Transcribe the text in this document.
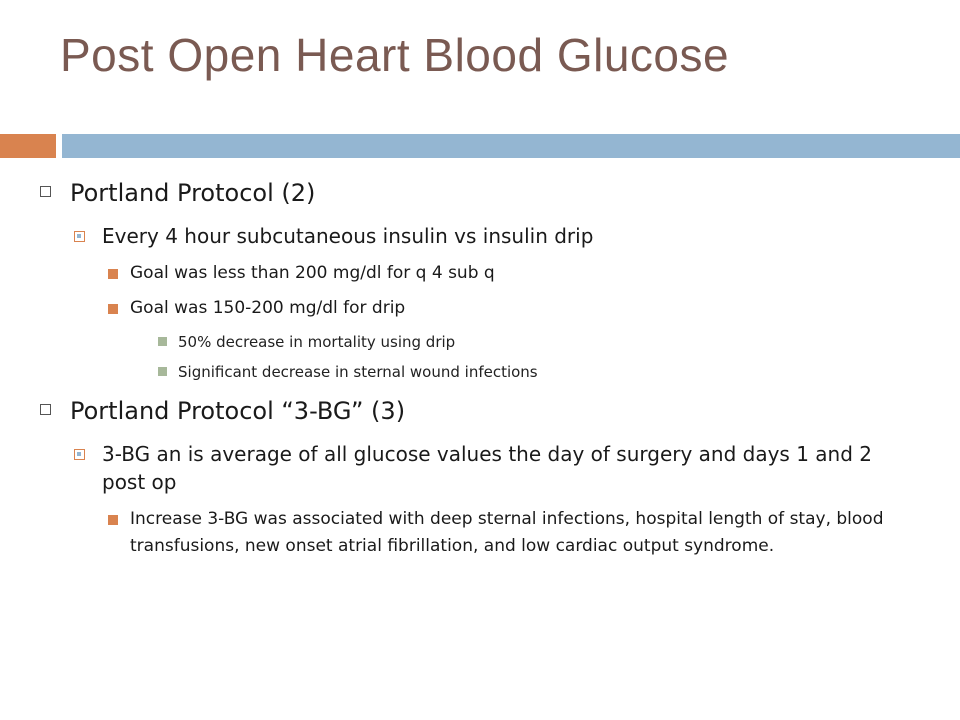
Post Open Heart Blood Glucose
Portland Protocol (2)
Every 4 hour subcutaneous insulin vs insulin drip
Goal was less than 200 mg/dl for q 4 sub q
Goal was 150-200 mg/dl for drip
50% decrease in mortality using drip
Significant decrease in sternal wound infections
Portland Protocol “3-BG” (3)
3-BG an is average of all glucose values the day of surgery and days 1 and 2 post op
Increase 3-BG was associated with deep sternal infections, hospital length of stay, blood transfusions, new onset atrial fibrillation, and low cardiac output syndrome.
